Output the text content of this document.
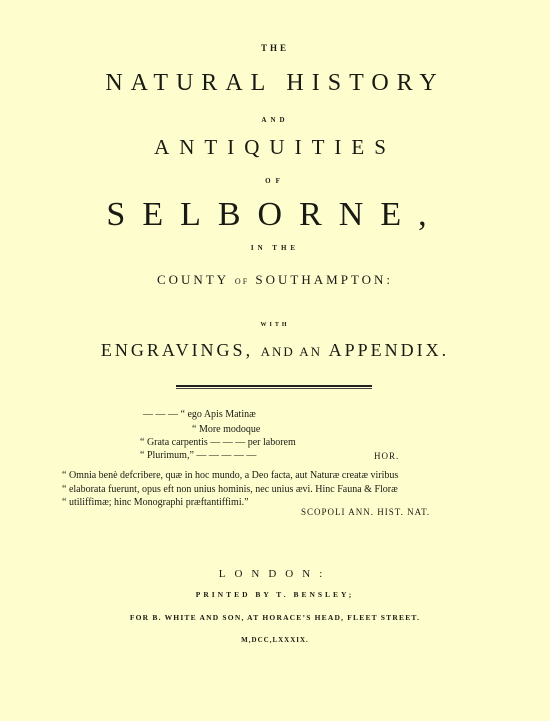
THE
NATURAL HISTORY
AND
ANTIQUITIES
OF
SELBORNE,
IN THE
COUNTY OF SOUTHAMPTON:
WITH
ENGRAVINGS, AND AN APPENDIX.
— — — “ ego Apis Matinæ
“ More modoque
“ Grata carpentis — — — per laborem
“ Plurimum,” — — — — —	HOR.
“ Omnia benè defcribere, quæ in hoc mundo, a Deo facta, aut Naturæ creatæ viribus
“ elaborata fuerunt, opus eft non unius hominis, nec unius ævi. Hinc Fauna & Floræ
“ utiliffimæ; hinc Monographi præftantiffimi.”
SCOPOLI ANN. HIST. NAT.
LONDON:
PRINTED BY T. BENSLEY;
FOR B. WHITE AND SON, AT HORACE’S HEAD, FLEET STREET.
M,DCC,LXXXIX.
